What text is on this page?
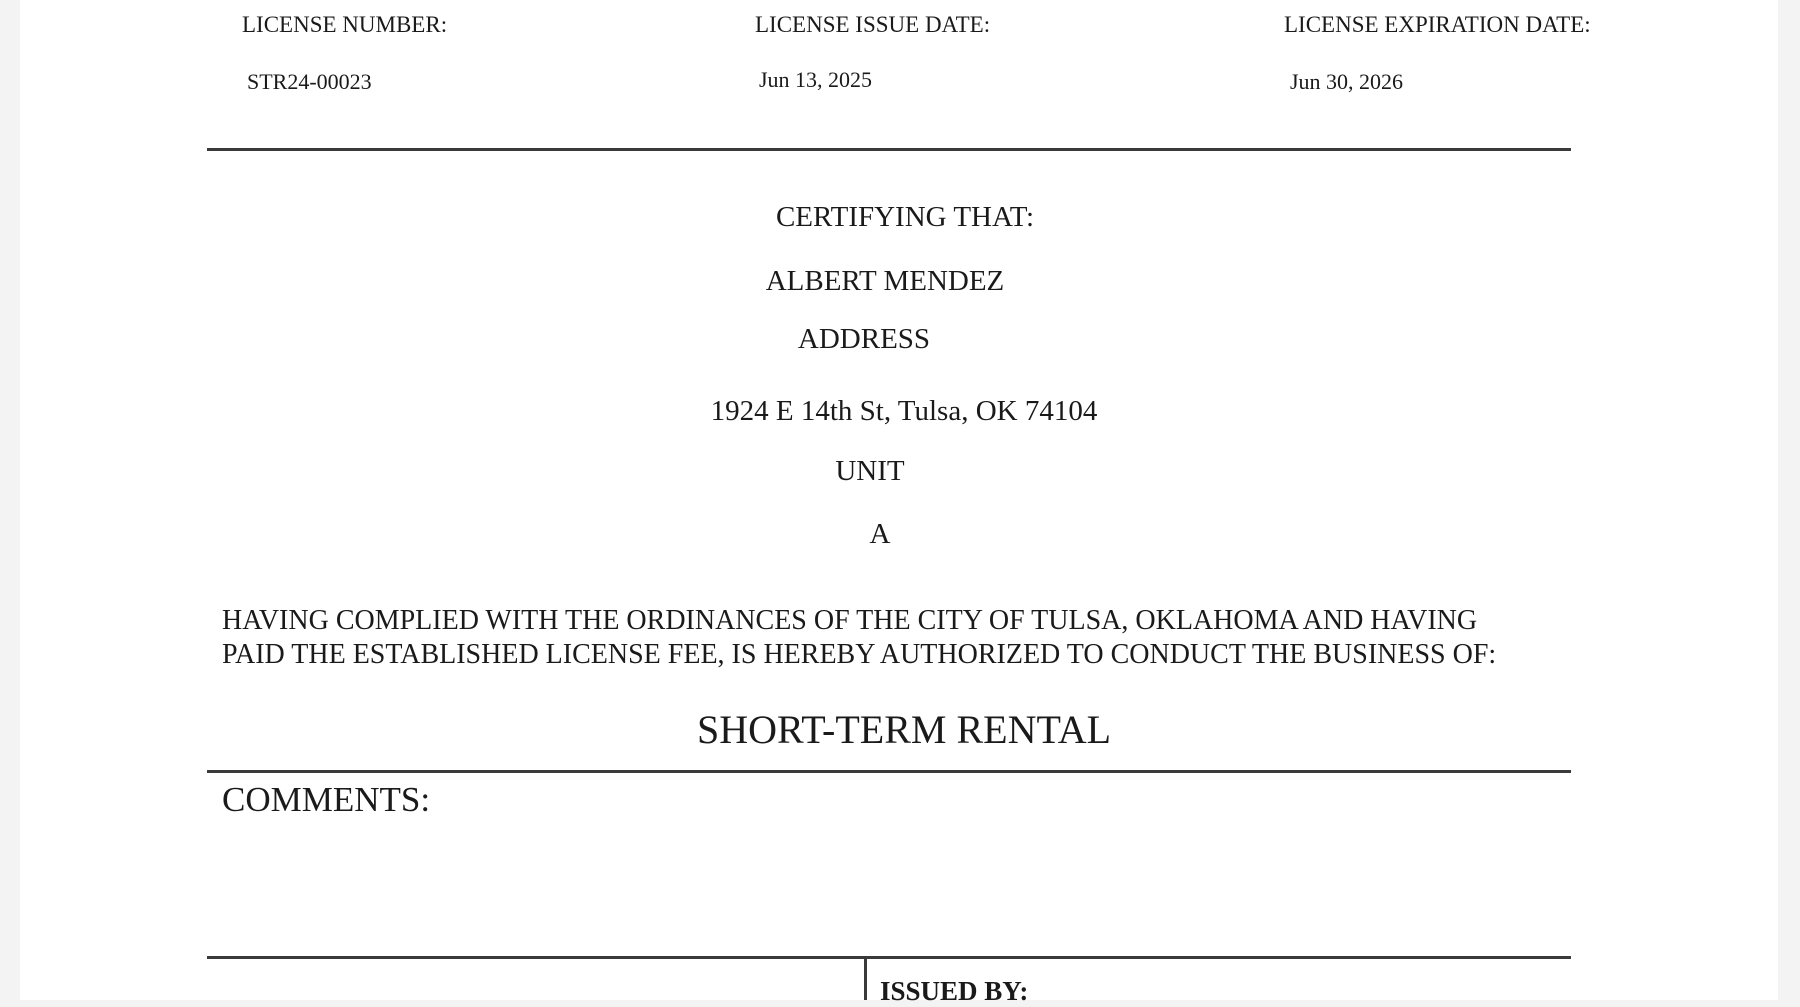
LICENSE NUMBER:
STR24-00023
LICENSE ISSUE DATE:
Jun 13, 2025
LICENSE EXPIRATION DATE:
Jun 30, 2026
CERTIFYING THAT:
ALBERT MENDEZ
ADDRESS
1924 E 14th St, Tulsa, OK 74104
UNIT
A
HAVING COMPLIED WITH THE ORDINANCES OF THE CITY OF TULSA, OKLAHOMA AND HAVING
PAID THE ESTABLISHED LICENSE FEE, IS HEREBY AUTHORIZED TO CONDUCT THE BUSINESS OF:
SHORT-TERM RENTAL
COMMENTS:
ISSUED BY:
